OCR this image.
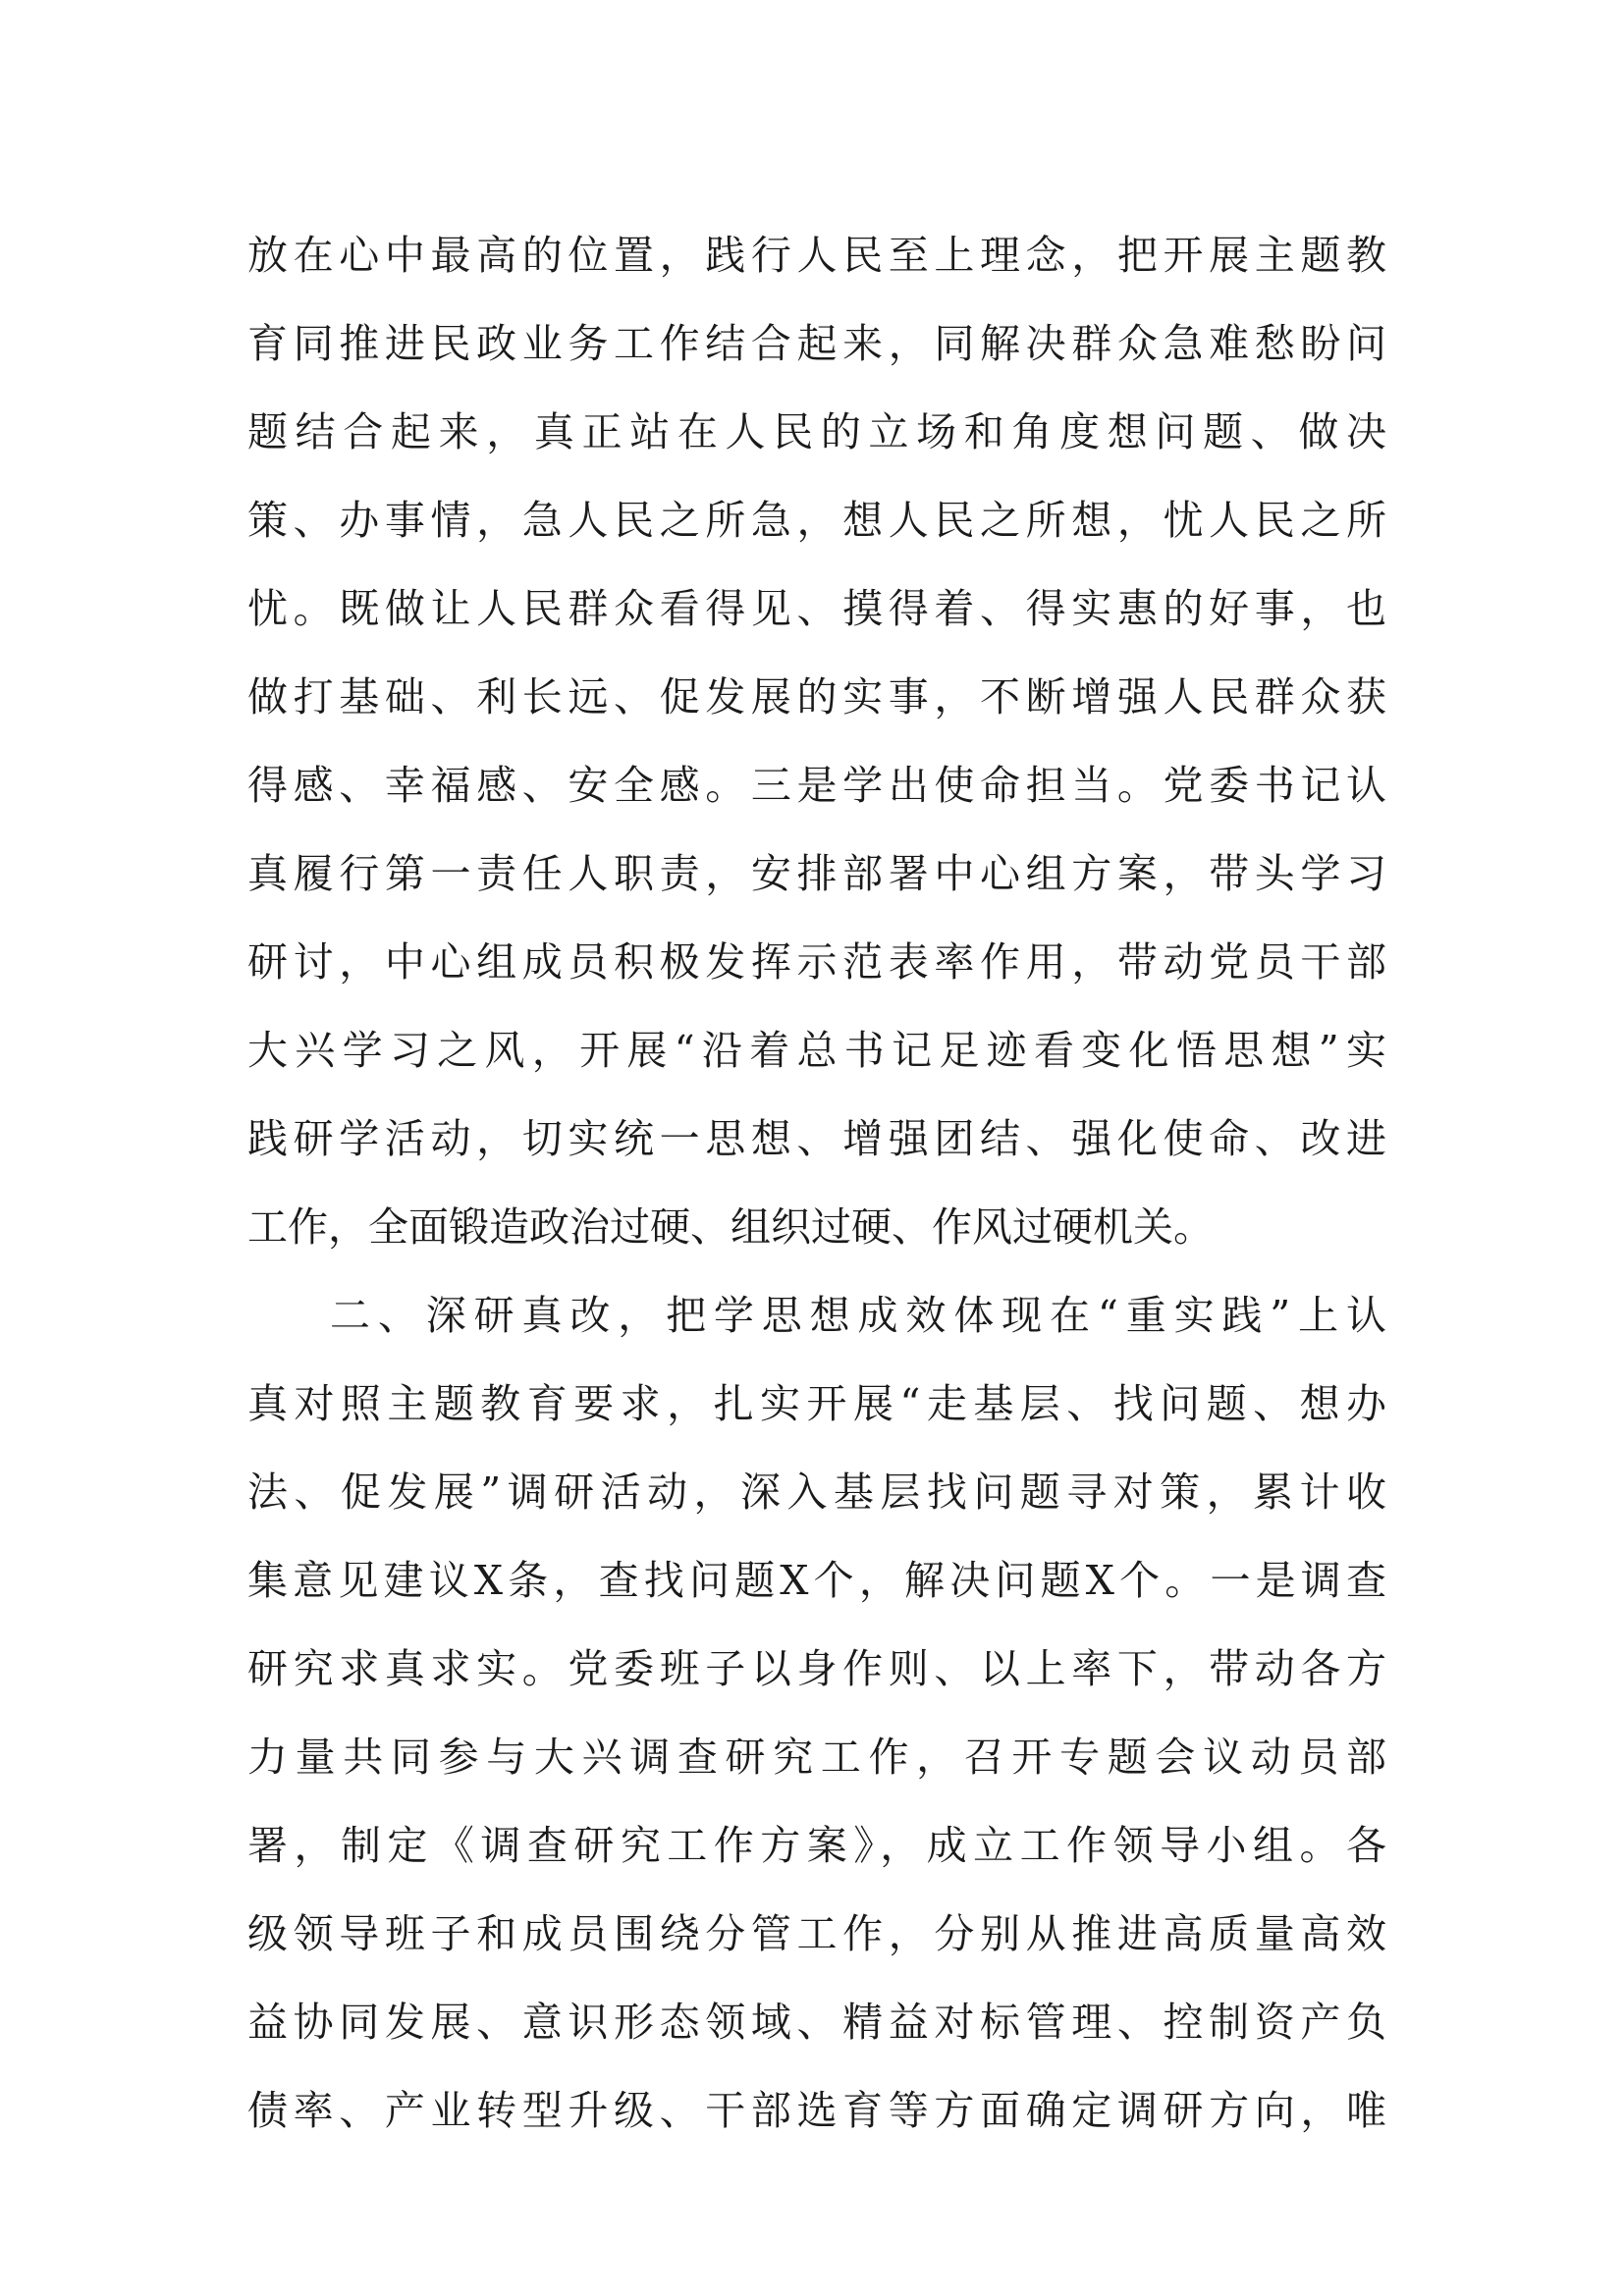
放在心中最高的位置，践行人民至上理念，把开展主题教
育同推进民政业务工作结合起来，同解决群众急难愁盼问
题结合起来，真正站在人民的立场和角度想问题、做决
策、办事情，急人民之所急，想人民之所想，忧人民之所
忧。既做让人民群众看得见、摸得着、得实惠的好事，也
做打基础、利长远、促发展的实事，不断增强人民群众获
得感、幸福感、安全感。三是学出使命担当。党委书记认
真履行第一责任人职责，安排部署中心组方案，带头学习
研讨，中心组成员积极发挥示范表率作用，带动党员干部
大兴学习之风，开展“沿着总书记足迹看变化悟思想”实
践研学活动，切实统一思想、增强团结、强化使命、改进
工作，全面锻造政治过硬、组织过硬、作风过硬机关。
二、深研真改，把学思想成效体现在“重实践”上认
真对照主题教育要求，扎实开展“走基层、找问题、想办
法、促发展”调研活动，深入基层找问题寻对策，累计收
集意见建议X条，查找问题X个，解决问题X个。一是调查
研究求真求实。党委班子以身作则、以上率下，带动各方
力量共同参与大兴调查研究工作，召开专题会议动员部
署，制定《调查研究工作方案》，成立工作领导小组。各
级领导班子和成员围绕分管工作，分别从推进高质量高效
益协同发展、意识形态领域、精益对标管理、控制资产负
债率、产业转型升级、干部选育等方面确定调研方向，唯
